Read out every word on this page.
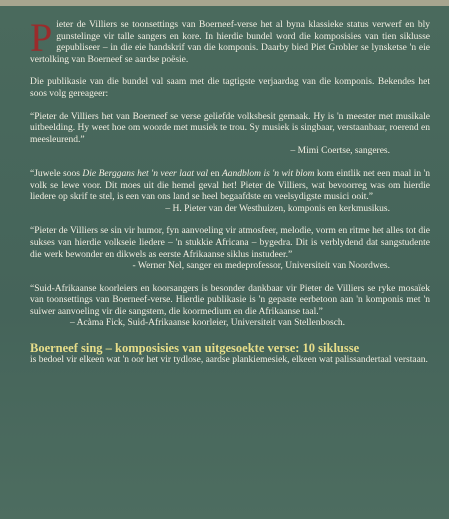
Pieter de Villiers se toonsettings van Boerneef-verse het al byna klassieke status verwerf en bly gunstelinge vir talle sangers en kore. In hierdie bundel word die komposisies van tien siklusse gepubliseer – in die eie handskrif van die komponis. Daarby bied Piet Grobler se lynsketse 'n eie vertolking van Boerneef se aardse poësie.

Die publikasie van die bundel val saam met die tagtigste verjaardag van die komponis. Bekendes het soos volg gereageer:

“Pieter de Villiers het van Boerneef se verse geliefde volksbesit gemaak. Hy is 'n meester met musikale uitbeelding. Hy weet hoe om woorde met musiek te trou. Sy musiek is singbaar, verstaanbaar, roerend en meesleurend.”

– Mimi Coertse, sangeres.

“Juwele soos Die Berggans het 'n veer laat val en Aandblom is 'n wit blom kom eintlik net een maal in 'n volk se lewe voor. Dit moes uit die hemel geval het! Pieter de Villiers, wat bevoorreg was om hierdie liedere op skrif te stel, is een van ons land se heel begaafdste en veelsydigste musici ooit.”

– H. Pieter van der Westhuizen, komponis en kerkmusikus.

“Pieter de Villiers se sin vir humor, fyn aanvoeling vir atmosfeer, melodie, vorm en ritme het alles tot die sukses van hierdie volkseie liedere – 'n stukkie Africana – bygedra. Dit is verblydend dat sangstudente die werk bewonder en dikwels as eerste Afrikaanse siklus instudeer.”

- Werner Nel, sanger en medeprofessor, Universiteit van Noordwes.

“Suid-Afrikaanse koorleiers en koorsangers is besonder dankbaar vir Pieter de Villiers se ryke mosaïek van toonsettings van Boerneef-verse. Hierdie publikasie is 'n gepaste eerbetoon aan 'n komponis met 'n suiwer aanvoeling vir die sangstem, die koormedium en die Afrikaanse taal.”

– Acàma Fick, Suid-Afrikaanse koorleier, Universiteit van Stellenbosch.

Boerneef sing – komposisies van uitgesoekte verse: 10 siklusse

is bedoel vir elkeen wat 'n oor het vir tydlose, aardse plankiemesiek, elkeen wat palissandertaal verstaan.
